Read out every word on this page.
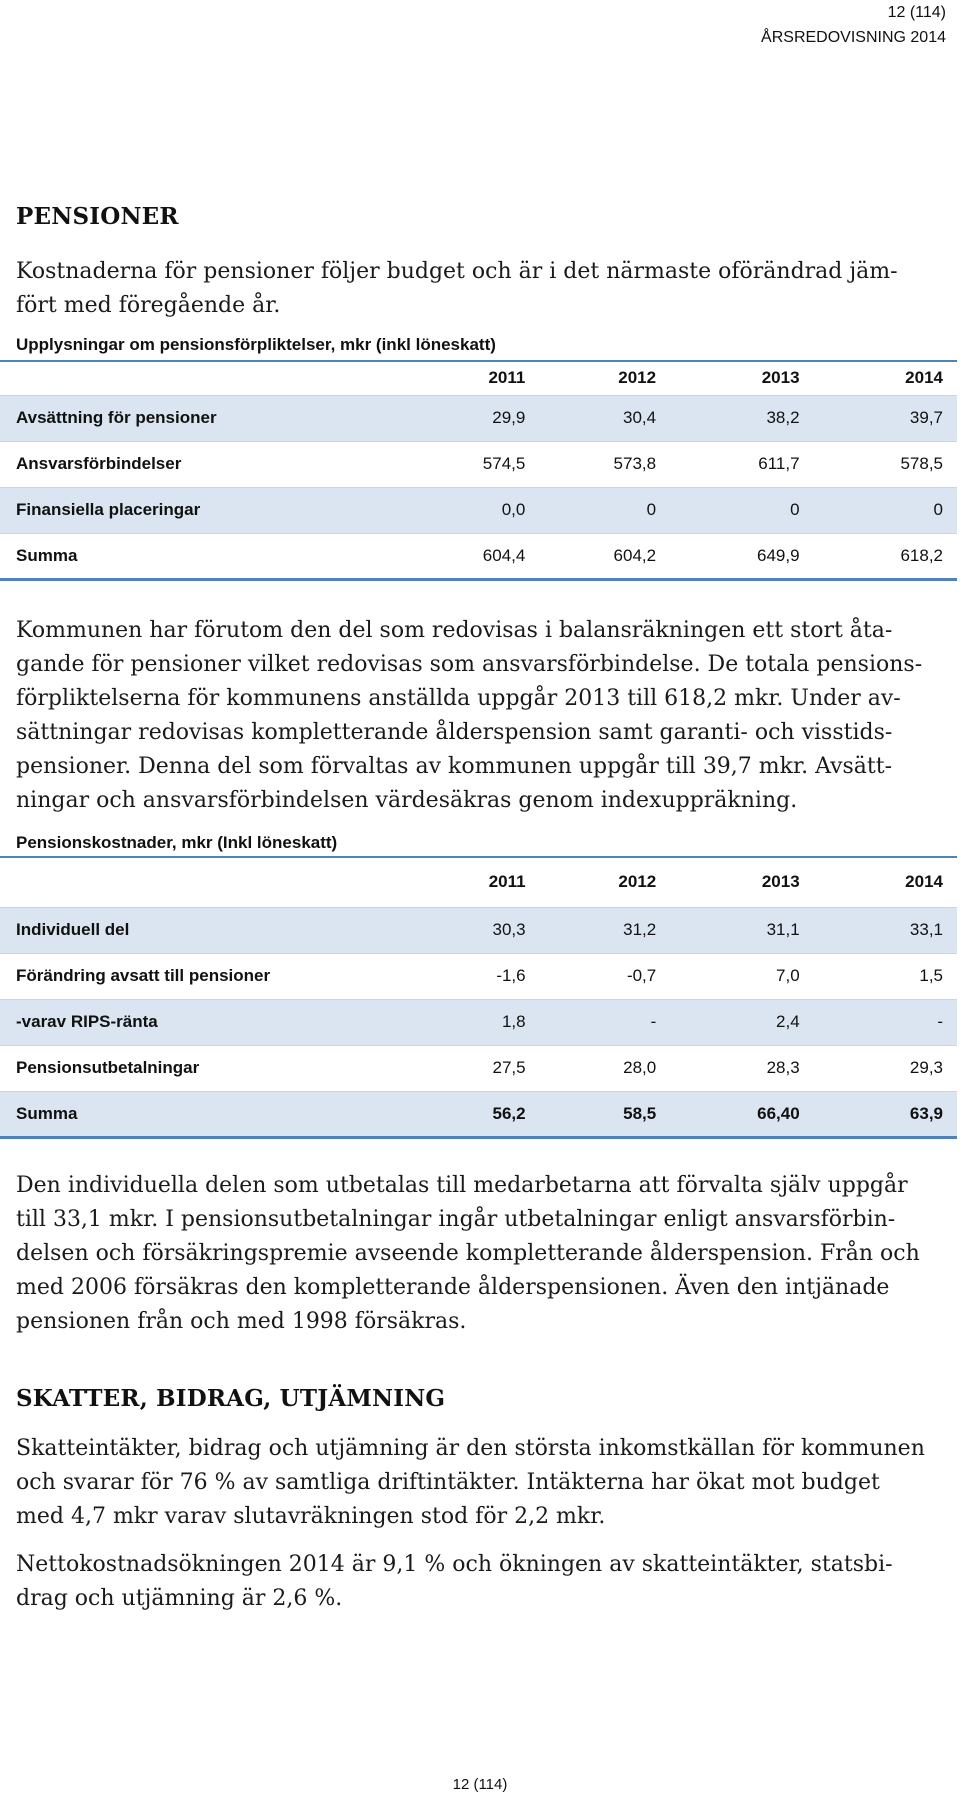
12 (114)
ÅRSREDOVISNING 2014
PENSIONER

Kostnaderna för pensioner följer budget och är i det närmaste oförändrad jäm-
fört med föregående år.

Upplysningar om pensionsförpliktelser, mkr (inkl löneskatt)
	2011	2012	2013	2014
Avsättning för pensioner	29,9	30,4	38,2	39,7
Ansvarsförbindelser	574,5	573,8	611,7	578,5
Finansiella placeringar	0,0	0	0	0
Summa	604,4	604,2	649,9	618,2

Kommunen har förutom den del som redovisas i balansräkningen ett stort åta-
gande för pensioner vilket redovisas som ansvarsförbindelse. De totala pensions-
förpliktelserna för kommunens anställda uppgår 2013 till 618,2 mkr. Under av-
sättningar redovisas kompletterande ålderspension samt garanti- och visstids-
pensioner. Denna del som förvaltas av kommunen uppgår till 39,7 mkr. Avsätt-
ningar och ansvarsförbindelsen värdesäkras genom indexuppräkning.

Pensionskostnader, mkr (Inkl löneskatt)
	2011	2012	2013	2014
Individuell del	30,3	31,2	31,1	33,1
Förändring avsatt till pensioner	-1,6	-0,7	7,0	1,5
-varav RIPS-ränta	1,8	-	2,4	-
Pensionsutbetalningar	27,5	28,0	28,3	29,3
Summa	56,2	58,5	66,40	63,9

Den individuella delen som utbetalas till medarbetarna att förvalta själv uppgår
till 33,1 mkr. I pensionsutbetalningar ingår utbetalningar enligt ansvarsförbin-
delsen och försäkringspremie avseende kompletterande ålderspension. Från och
med 2006 försäkras den kompletterande ålderspensionen. Även den intjänade
pensionen från och med 1998 försäkras.

SKATTER, BIDRAG, UTJÄMNING

Skatteintäkter, bidrag och utjämning är den största inkomstkällan för kommunen
och svarar för 76 % av samtliga driftintäkter. Intäkterna har ökat mot budget
med 4,7 mkr varav slutavräkningen stod för 2,2 mkr.

Nettokostnadsökningen 2014 är 9,1 % och ökningen av skatteintäkter, statsbi-
drag och utjämning är 2,6 %.

12 (114)
